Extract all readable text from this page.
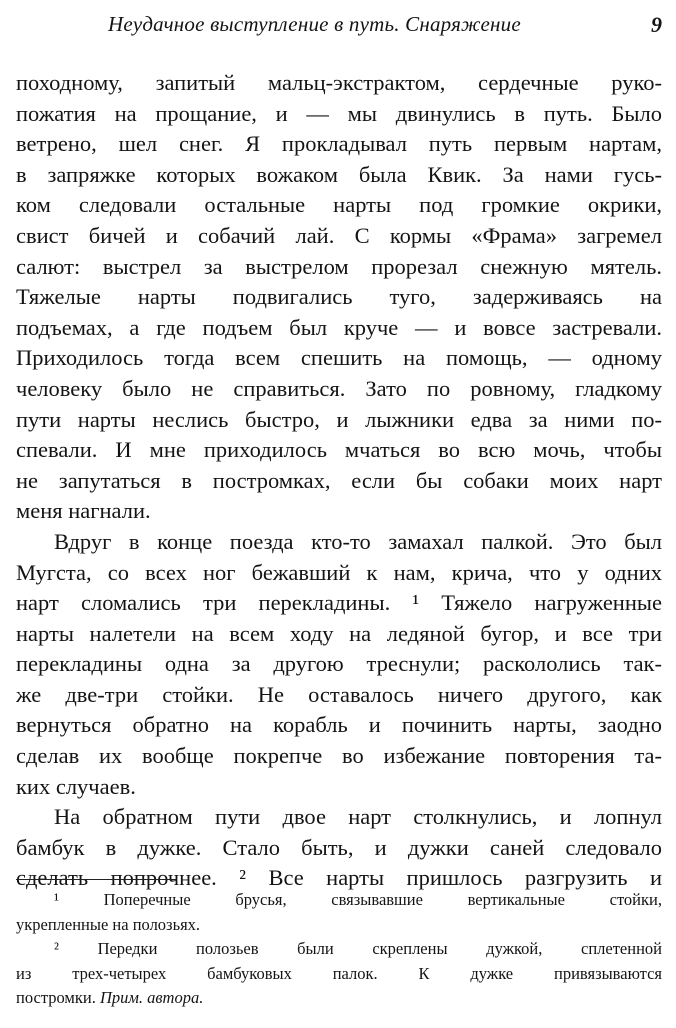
Неудачное выступление в путь. Снаряжение	9
походному, запитый мальц-экстрактом, сердечные руко-
пожатия на прощание, и — мы двинулись в путь. Было
ветрено, шел снег. Я прокладывал путь первым нартам,
в запряжке которых вожаком была Квик. За нами гусь-
ком следовали остальные нарты под громкие окрики,
свист бичей и собачий лай. С кормы «Фрама» загремел
салют: выстрел за выстрелом прорезал снежную мятель.
Тяжелые нарты подвигались туго, задерживаясь на
подъемах, а где подъем был круче — и вовсе застревали.
Приходилось тогда всем спешить на помощь, — одному
человеку было не справиться. Зато по ровному, гладкому
пути нарты неслись быстро, и лыжники едва за ними по-
спевали. И мне приходилось мчаться во всю мочь, чтобы
не запутаться в постромках, если бы собаки моих нарт
меня нагнали.
Вдруг в конце поезда кто-то замахал палкой. Это был
Мугста, со всех ног бежавший к нам, крича, что у одних
нарт сломались три перекладины. ¹ Тяжело нагруженные
нарты налетели на всем ходу на ледяной бугор, и все три
перекладины одна за другою треснули; раскололись так-
же две-три стойки. Не оставалось ничего другого, как
вернуться обратно на корабль и починить нарты, заодно
сделав их вообще покрепче во избежание повторения та-
ких случаев.
На обратном пути двое нарт столкнулись, и лопнул
бамбук в дужке. Стало быть, и дужки саней следовало
сделать попрочнее. ² Все нарты пришлось разгрузить и
¹ Поперечные брусья, связывавшие вертикальные стойки,
укрепленные на полозьях.
² Передки полозьев были скреплены дужкой, сплетенной
из трех-четырех бамбуковых палок. К дужке привязываются
постромки. Прим. автора.
